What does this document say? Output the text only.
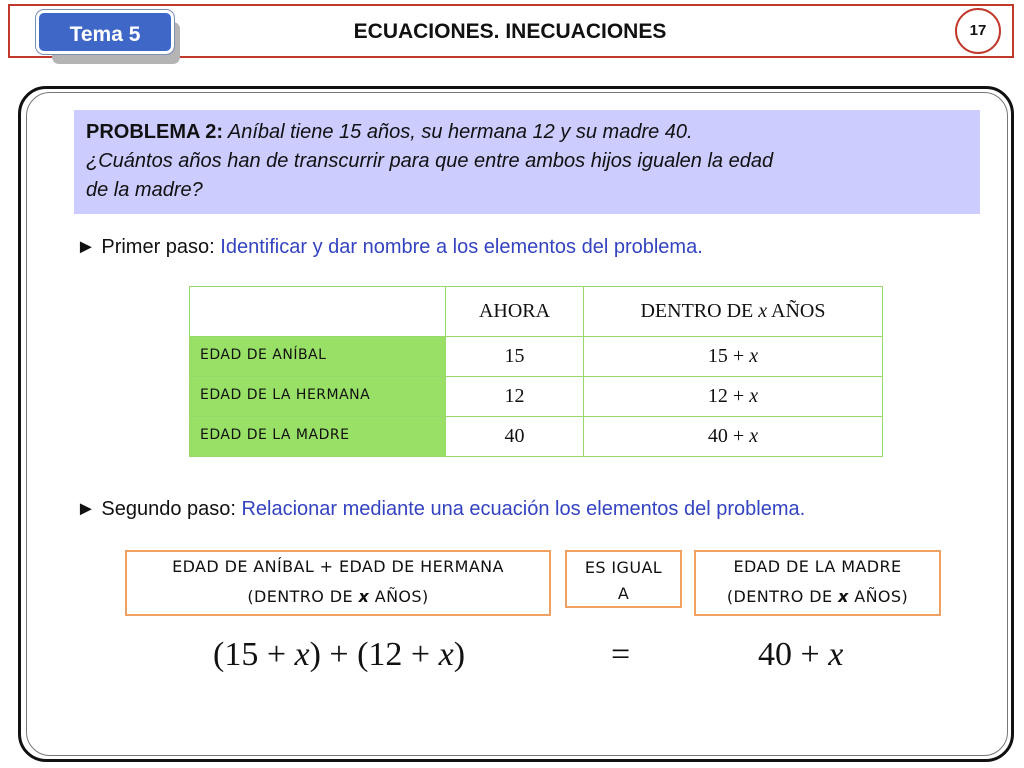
Tema 5	ECUACIONES. INECUACIONES	17
PROBLEMA 2: Aníbal tiene 15 años, su hermana 12 y su madre 40.
¿Cuántos años han de transcurrir para que entre ambos hijos igualen la edad
de la madre?
► Primer paso: Identificar y dar nombre a los elementos del problema.
	AHORA	DENTRO DE x AÑOS
EDAD DE ANÍBAL	15	15 + x
EDAD DE LA HERMANA	12	12 + x
EDAD DE LA MADRE	40	40 + x
► Segundo paso: Relacionar mediante una ecuación los elementos del problema.
EDAD DE ANÍBAL + EDAD DE HERMANA
(DENTRO DE x AÑOS)
ES IGUAL
A
EDAD DE LA MADRE
(DENTRO DE x AÑOS)
(15 + x) + (12 + x)	=	40 + x
